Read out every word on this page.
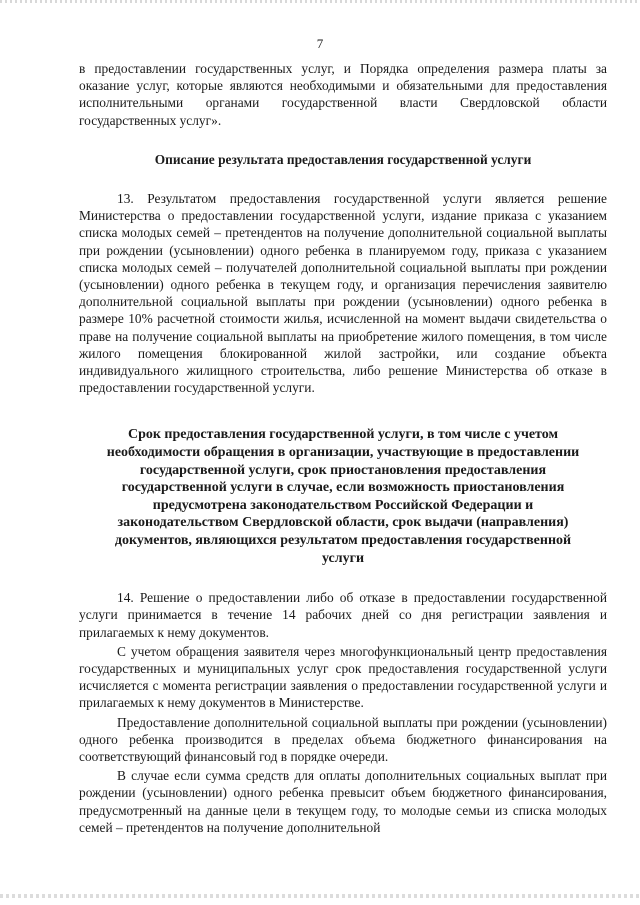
7

в предоставлении государственных услуг, и Порядка определения размера платы за оказание услуг, которые являются необходимыми и обязательными для предоставления исполнительными органами государственной власти Свердловской области государственных услуг».

Описание результата предоставления государственной услуги

13. Результатом предоставления государственной услуги является решение Министерства о предоставлении государственной услуги, издание приказа с указанием списка молодых семей – претендентов на получение дополнительной социальной выплаты при рождении (усыновлении) одного ребенка в планируемом году, приказа с указанием списка молодых семей – получателей дополнительной социальной выплаты при рождении (усыновлении) одного ребенка в текущем году, и организация перечисления заявителю дополнительной социальной выплаты при рождении (усыновлении) одного ребенка в размере 10% расчетной стоимости жилья, исчисленной на момент выдачи свидетельства о праве на получение социальной выплаты на приобретение жилого помещения, в том числе жилого помещения блокированной жилой застройки, или создание объекта индивидуального жилищного строительства, либо решение Министерства об отказе в предоставлении государственной услуги.

Срок предоставления государственной услуги, в том числе с учетом необходимости обращения в организации, участвующие в предоставлении государственной услуги, срок приостановления предоставления государственной услуги в случае, если возможность приостановления предусмотрена законодательством Российской Федерации и законодательством Свердловской области, срок выдачи (направления) документов, являющихся результатом предоставления государственной услуги

14. Решение о предоставлении либо об отказе в предоставлении государственной услуги принимается в течение 14 рабочих дней со дня регистрации заявления и прилагаемых к нему документов.

С учетом обращения заявителя через многофункциональный центр предоставления государственных и муниципальных услуг срок предоставления государственной услуги исчисляется с момента регистрации заявления о предоставлении государственной услуги и прилагаемых к нему документов в Министерстве.

Предоставление дополнительной социальной выплаты при рождении (усыновлении) одного ребенка производится в пределах объема бюджетного финансирования на соответствующий финансовый год в порядке очереди.

В случае если сумма средств для оплаты дополнительных социальных выплат при рождении (усыновлении) одного ребенка превысит объем бюджетного финансирования, предусмотренный на данные цели в текущем году, то молодые семьи из списка молодых семей – претендентов на получение дополнительной
